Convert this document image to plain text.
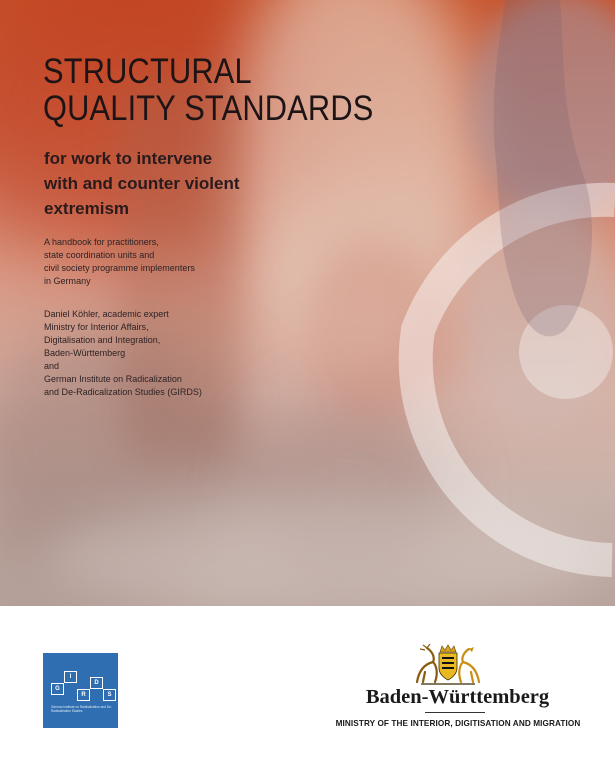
STRUCTURAL
QUALITY STANDARDS
for work to intervene
with and counter violent
extremism

A handbook for practitioners,
state coordination units and
civil society programme implementers
in Germany

Daniel Köhler, academic expert
Ministry for Interior Affairs,
Digitalisation and Integration,
Baden-Württemberg
and
German Institute on Radicalization
and De-Radicalization Studies (GIRDS)

G
I
R
D
S
German Institute on Radicalization and De-Radicalization Studies
Baden-Württemberg
MINISTRY OF THE INTERIOR, DIGITISATION AND MIGRATION
